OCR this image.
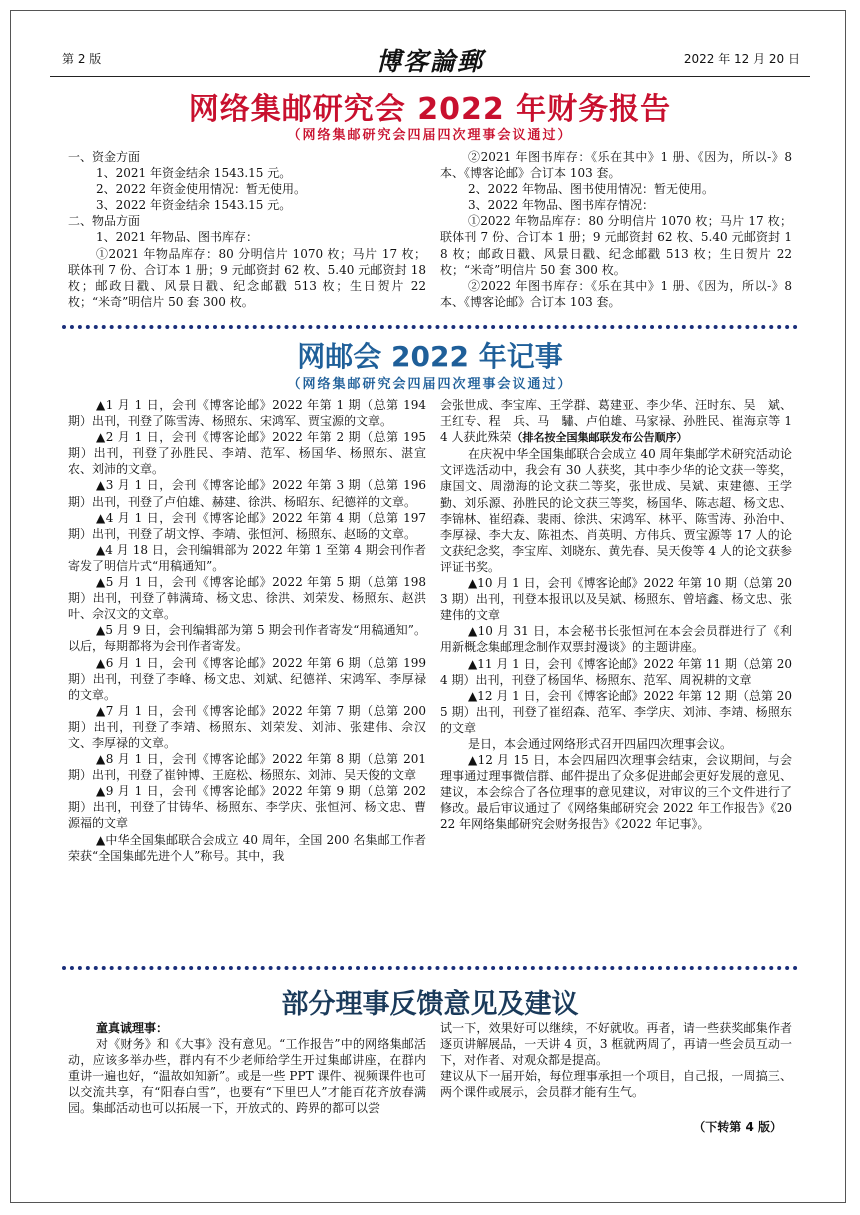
第 2 版	博客論郵	2022 年 12 月 20 日
网络集邮研究会 2022 年财务报告
（网络集邮研究会四届四次理事会议通过）

一、资金方面

1、2021 年资金结余 1543.15 元。

2、2022 年资金使用情况：暂无使用。

3、2022 年资金结余 1543.15 元。

二、物品方面

1、2021 年物品、图书库存：

①2021 年物品库存：80 分明信片 1070 枚；马片 17 枚；联体刊 7 份、合订本 1 册；9 元邮资封 62 枚、5.40 元邮资封 18 枚；邮政日戳、风景日戳、纪念邮戳 513 枚；生日贺片 22 枚；“米奇”明信片 50 套 300 枚。

②2021 年图书库存：《乐在其中》1 册、《因为，所以-》8 本、《博客论邮》合订本 103 套。

2、2022 年物品、图书使用情况：暂无使用。

3、2022 年物品、图书库存情况：

①2022 年物品库存：80 分明信片 1070 枚；马片 17 枚；联体刊 7 份、合订本 1 册；9 元邮资封 62 枚、5.40 元邮资封 18 枚；邮政日戳、风景日戳、纪念邮戳 513 枚；生日贺片 22 枚；“米奇”明信片 50 套 300 枚。

②2022 年图书库存：《乐在其中》1 册、《因为，所以-》8 本、《博客论邮》合订本 103 套。

网邮会 2022 年记事
（网络集邮研究会四届四次理事会议通过）

▲1 月 1 日，会刊《博客论邮》2022 年第 1 期（总第 194 期）出刊，刊登了陈雪涛、杨照东、宋鸿军、贾宝源的文章。

▲2 月 1 日，会刊《博客论邮》2022 年第 2 期（总第 195 期）出刊，刊登了孙胜民、李靖、范军、杨国华、杨照东、湛宣农、刘沛的文章。

▲3 月 1 日，会刊《博客论邮》2022 年第 3 期（总第 196 期）出刊，刊登了卢伯雄、赫建、徐洪、杨昭东、纪德祥的文章。

▲4 月 1 日，会刊《博客论邮》2022 年第 4 期（总第 197 期）出刊，刊登了胡文惇、李靖、张恒河、杨照东、赵旸的文章。

▲4 月 18 日，会刊编辑部为 2022 年第 1 至第 4 期会刊作者寄发了明信片式“用稿通知”。

▲5 月 1 日，会刊《博客论邮》2022 年第 5 期（总第 198 期）出刊，刊登了韩满琦、杨文忠、徐洪、刘荣发、杨照东、赵洪叶、佘汉文的文章。

▲5 月 9 日，会刊编辑部为第 5 期会刊作者寄发“用稿通知”。以后，每期都将为会刊作者寄发。

▲6 月 1 日，会刊《博客论邮》2022 年第 6 期（总第 199 期）出刊，刊登了李峰、杨文忠、刘斌、纪德祥、宋鸿军、李厚禄的文章。

▲7 月 1 日，会刊《博客论邮》2022 年第 7 期（总第 200 期）出刊，刊登了李靖、杨照东、刘荣发、刘沛、张建伟、佘汉文、李厚禄的文章。

▲8 月 1 日，会刊《博客论邮》2022 年第 8 期（总第 201 期）出刊，刊登了崔钟博、王庭松、杨照东、刘沛、吴天俊的文章

▲9 月 1 日，会刊《博客论邮》2022 年第 9 期（总第 202 期）出刊，刊登了甘铸华、杨照东、李学庆、张恒河、杨文忠、曹源福的文章

▲中华全国集邮联合会成立 40 周年，全国 200 名集邮工作者荣获“全国集邮先进个人”称号。其中，我

会张世成、李宝库、王学群、葛建亚、李少华、汪时东、吴　斌、王红专、程　兵、马　驌、卢伯雄、马家禄、孙胜民、崔海京等 14 人获此殊荣（排名按全国集邮联发布公告顺序）

在庆祝中华全国集邮联合会成立 40 周年集邮学术研究活动论文评选活动中，我会有 30 人获奖，其中李少华的论文获一等奖，康国文、周渤海的论文获二等奖，张世成、吴斌、束建德、王学勤、刘乐源、孙胜民的论文获三等奖，杨国华、陈志超、杨文忠、李锦林、崔绍森、裴雨、徐洪、宋鸿军、林平、陈雪涛、孙治中、李厚禄、李大友、陈祖杰、肖英明、方伟兵、贾宝源等 17 人的论文获纪念奖，李宝库、刘晓东、黄先春、吴天俊等 4 人的论文获参评证书奖。

▲10 月 1 日，会刊《博客论邮》2022 年第 10 期（总第 203 期）出刊，刊登本报讯以及吴斌、杨照东、曾培鑫、杨文忠、张建伟的文章

▲10 月 31 日，本会秘书长张恒河在本会会员群进行了《利用新概念集邮理念制作双票封漫谈》的主题讲座。

▲11 月 1 日，会刊《博客论邮》2022 年第 11 期（总第 204 期）出刊，刊登了杨国华、杨照东、范军、周祝耕的文章

▲12 月 1 日，会刊《博客论邮》2022 年第 12 期（总第 205 期）出刊，刊登了崔绍森、范军、李学庆、刘沛、李靖、杨照东的文章

是日，本会通过网络形式召开四届四次理事会议。

▲12 月 15 日，本会四届四次理事会结束，会议期间，与会理事通过理事微信群、邮件提出了众多促进邮会更好发展的意见、建议，本会综合了各位理事的意见建议，对审议的三个文件进行了修改。最后审议通过了《网络集邮研究会 2022 年工作报告》《2022 年网络集邮研究会财务报告》《2022 年记事》。

部分理事反馈意见及建议

童真诚理事：

对《财务》和《大事》没有意见。“工作报告”中的网络集邮活动，应该多举办些，群内有不少老师给学生开过集邮讲座，在群内重讲一遍也好，“温故如知新”。或是一些 PPT 课件、视频课件也可以交流共享，有“阳春白雪”，也要有“下里巴人”才能百花齐放春满园。集邮活动也可以拓展一下，开放式的、跨界的都可以尝

试一下，效果好可以继续，不好就收。再者，请一些获奖邮集作者逐页讲解展品，一天讲 4 页，3 框就两周了，再请一些会员互动一下，对作者、对观众都是提高。

建议从下一届开始，每位理事承担一个项目，自己报，一周搞三、两个课件或展示，会员群才能有生气。

（下转第 4 版）
